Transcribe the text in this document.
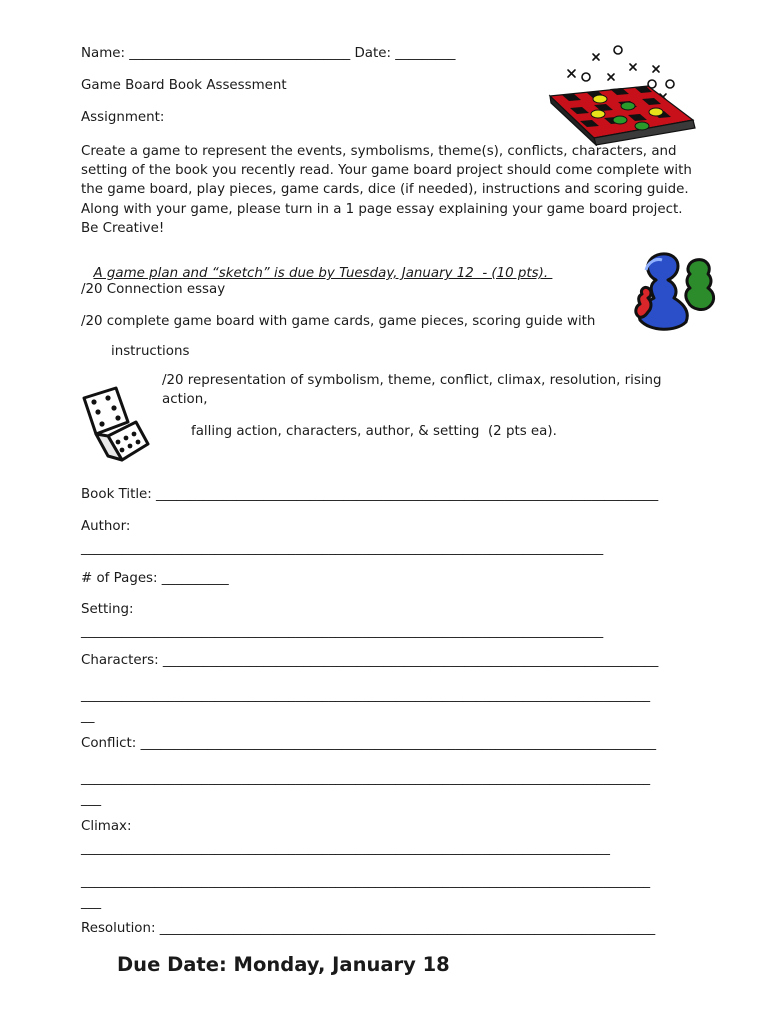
Name: _________________________________ Date: _________
Game Board Book Assessment
Assignment:
Create a game to represent the events, symbolisms, theme(s), conflicts, characters, and setting of the book you recently read. Your game board project should come complete with the game board, play pieces, game cards, dice (if needed), instructions and scoring guide. Along with your game, please turn in a 1 page essay explaining your game board project. Be Creative!

A game plan and “sketch” is due by Tuesday, January 12  - (10 pts).

/20 Connection essay
/20 complete game board with game cards, game pieces, scoring guide with
instructions
/20 representation of symbolism, theme, conflict, climax, resolution, rising action,
falling action, characters, author, & setting  (2 pts ea).
Book Title: ___________________________________________________________________________
Author:
______________________________________________________________________________
# of Pages: __________
Setting:
______________________________________________________________________________
Characters: __________________________________________________________________________
_____________________________________________________________________________________
__
Conflict: _____________________________________________________________________________
_____________________________________________________________________________________
___
Climax:
_______________________________________________________________________________
_____________________________________________________________________________________
___
Resolution: __________________________________________________________________________
Due Date: Monday, January 18
